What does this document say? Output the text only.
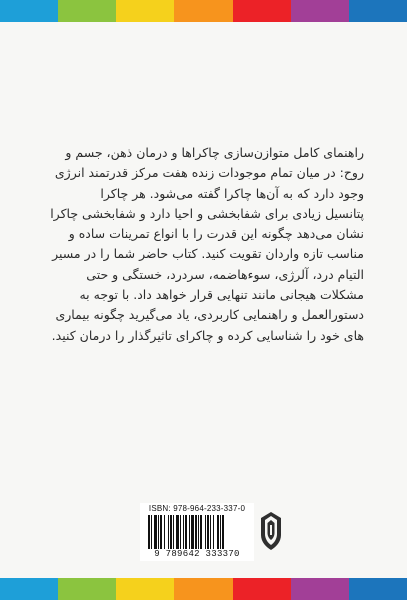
راهنمای کامل متوازن‌سازی چاکراها و درمان ذهن، جسم و

روح: در میان تمام موجودات زنده هفت مرکز قدرتمند انرژی

وجود دارد که به آن‌ها چاکرا گفته می‌شود. هر چاکرا

پتانسیل زیادی برای شفابخشی و احیا دارد و شفابخشی چاکرا

نشان می‌دهد چگونه این قدرت را با انواع تمرینات ساده و

مناسب تازه واردان تقویت کنید. کتاب حاضر شما را در مسیر

التیام درد، آلرژی، سوءهاضمه، سردرد، خستگی و حتی

مشکلات هیجانی مانند تنهایی قرار خواهد داد. با توجه به

دستورالعمل و راهنمایی کاربردی، یاد می‌گیرید چگونه بیماری

های خود را شناسایی کرده و چاکرای تاثیرگذار را درمان کنید.

ISBN: 978-964-233-337-0
9 789642 333370
